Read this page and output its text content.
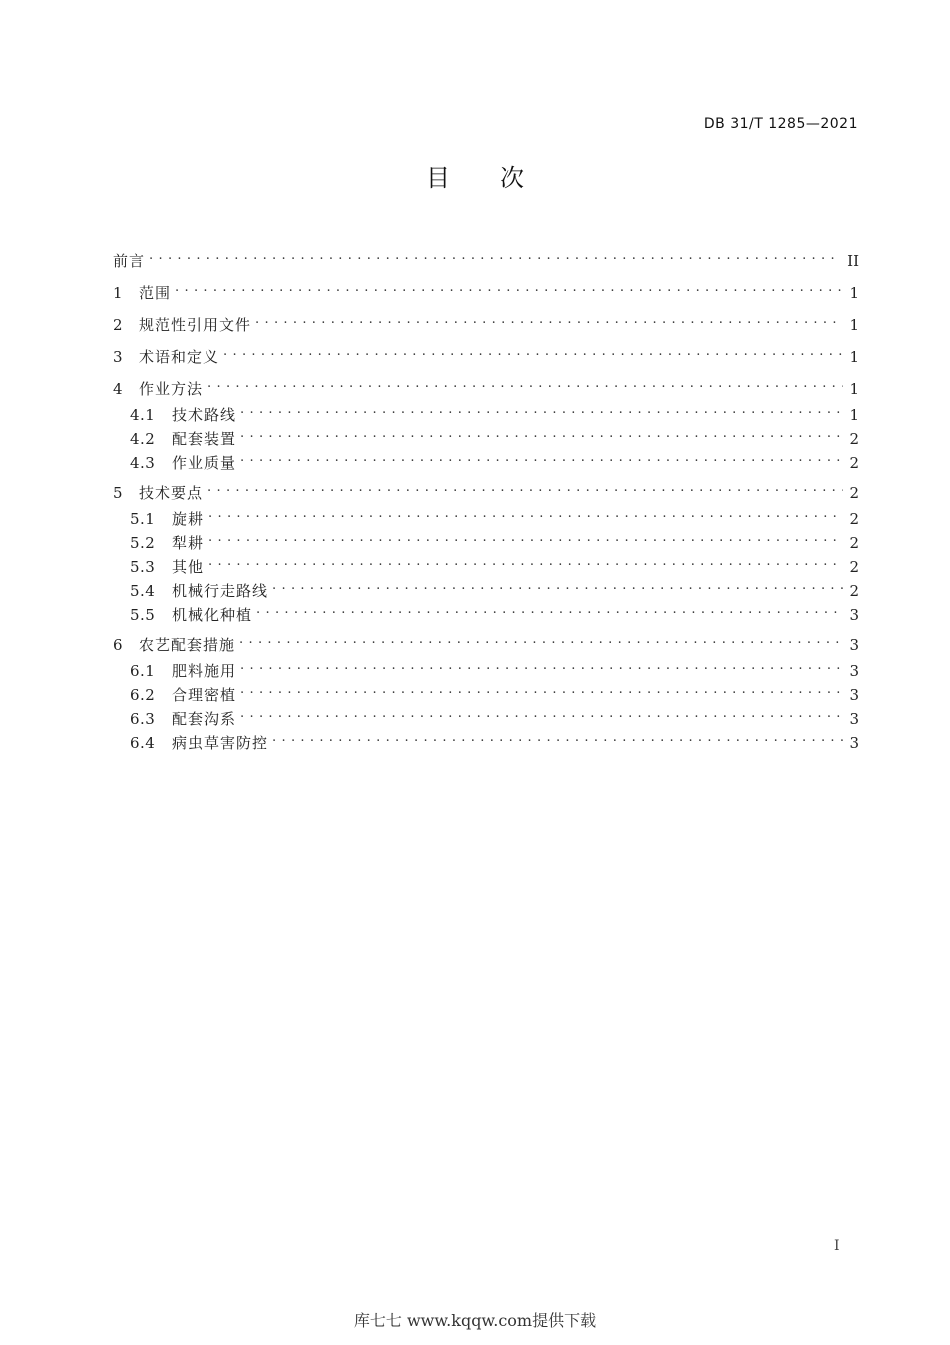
DB 31/T 1285—2021
目 次
前言 . . .	II
1	范围 . . .	1
2	规范性引用文件 . . .	1
3	术语和定义 . . .	1
4	作业方法 . . .	1
4.1	技术路线 . . .	1
4.2	配套装置 . . .	2
4.3	作业质量 . . .	2
5	技术要点 . . .	2
5.1	旋耕 . . .	2
5.2	犁耕 . . .	2
5.3	其他 . . .	2
5.4	机械行走路线 . . .	2
5.5	机械化种植 . . .	3
6	农艺配套措施 . . .	3
6.1	肥料施用 . . .	3
6.2	合理密植 . . .	3
6.3	配套沟系 . . .	3
6.4	病虫草害防控 . . .	3
I
库七七 www.kqqw.com提供下载
